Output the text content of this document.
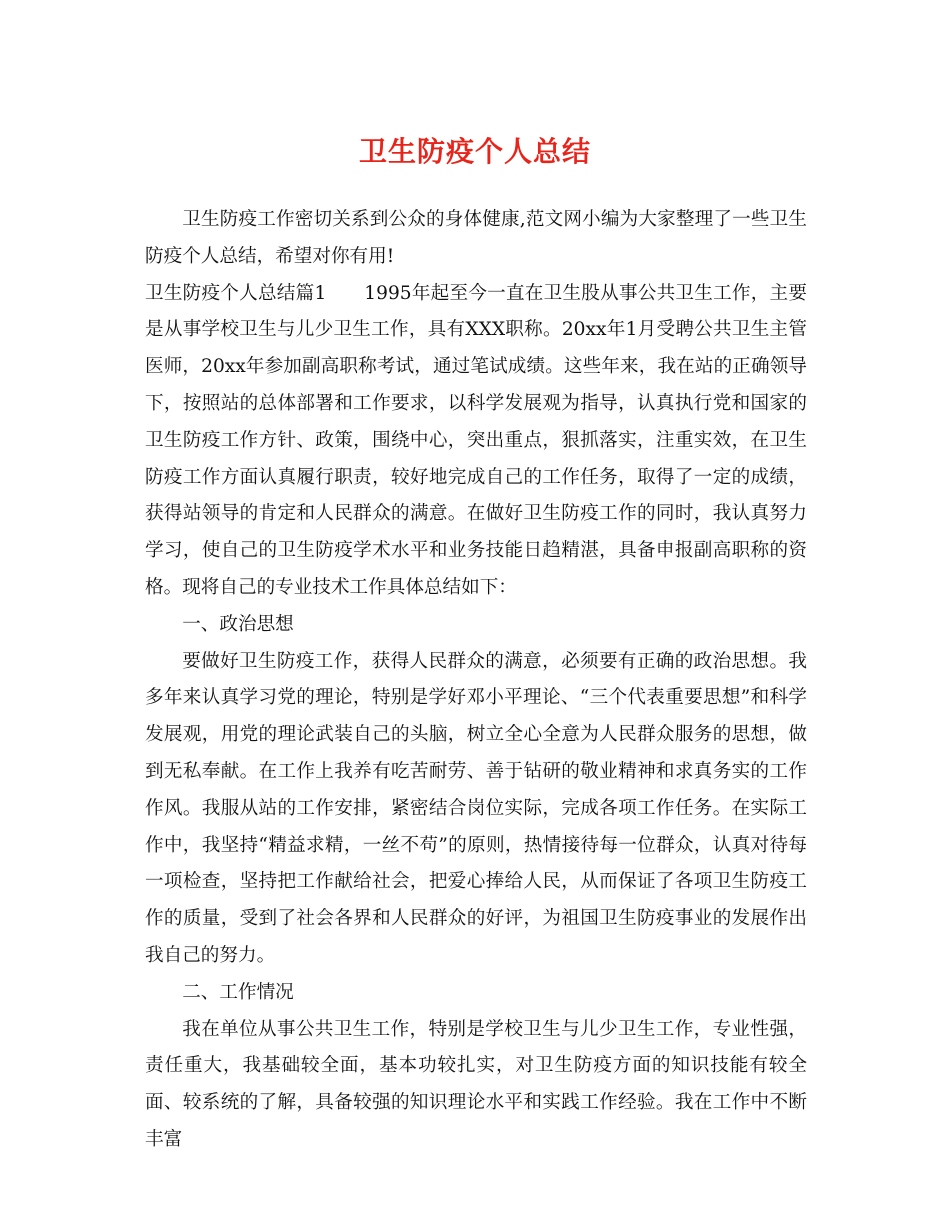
卫生防疫个人总结

卫生防疫工作密切关系到公众的身体健康,范文网小编为大家整理了一些卫生防疫个人总结，希望对你有用!

卫生防疫个人总结篇1 1995年起至今一直在卫生股从事公共卫生工作，主要是从事学校卫生与儿少卫生工作，具有XXX职称。20xx年1月受聘公共卫生主管医师，20xx年参加副高职称考试，通过笔试成绩。这些年来，我在站的正确领导下，按照站的总体部署和工作要求，以科学发展观为指导，认真执行党和国家的卫生防疫工作方针、政策，围绕中心，突出重点，狠抓落实，注重实效，在卫生防疫工作方面认真履行职责，较好地完成自己的工作任务，取得了一定的成绩，获得站领导的肯定和人民群众的满意。在做好卫生防疫工作的同时，我认真努力学习，使自己的卫生防疫学术水平和业务技能日趋精湛，具备申报副高职称的资格。现将自己的专业技术工作具体总结如下：

一、政治思想

要做好卫生防疫工作，获得人民群众的满意，必须要有正确的政治思想。我多年来认真学习党的理论，特别是学好邓小平理论、“三个代表重要思想”和科学发展观，用党的理论武装自己的头脑，树立全心全意为人民群众服务的思想，做到无私奉献。在工作上我养有吃苦耐劳、善于钻研的敬业精神和求真务实的工作作风。我服从站的工作安排，紧密结合岗位实际，完成各项工作任务。在实际工作中，我坚持“精益求精，一丝不苟”的原则，热情接待每一位群众，认真对待每一项检查，坚持把工作献给社会，把爱心捧给人民，从而保证了各项卫生防疫工作的质量，受到了社会各界和人民群众的好评，为祖国卫生防疫事业的发展作出我自己的努力。

二、工作情况

我在单位从事公共卫生工作，特别是学校卫生与儿少卫生工作，专业性强，责任重大，我基础较全面，基本功较扎实，对卫生防疫方面的知识技能有较全面、较系统的了解，具备较强的知识理论水平和实践工作经验。我在工作中不断丰富
